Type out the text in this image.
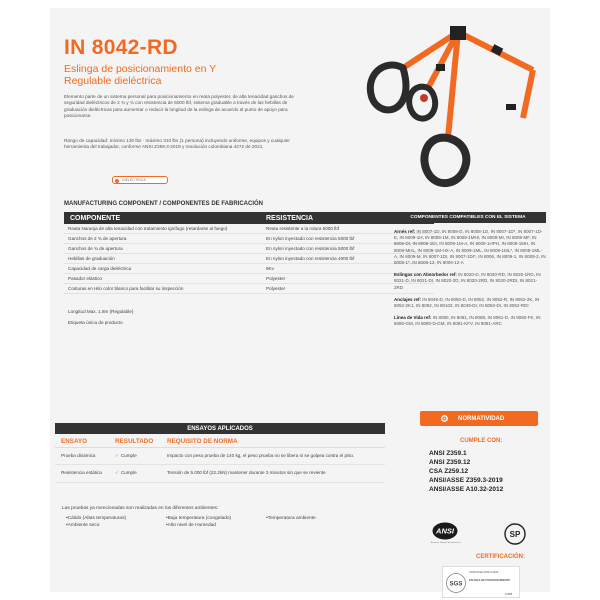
IN 8042-RD
Eslinga de posicionamiento en Y
Regulable dieléctrica

Elemento parte de un sistema personal para posicionamiento en reata polyester, de alta tenacidad ganchos de seguridad dieléctricos de 2 ¾ y ¾ con resistencia de 5000 lbf, sistema graduable a través de las hebillas de graduación dieléctricas para aumentar o reducir la longitud de la eslinga de acuerdo al punto de apoyo para posicionarse.

Rango de capacidad: mínimo 130 lbs · máximo 310 lbs (1 persona) incluyendo uniforme, equipos y cualquier herramienta del trabajador, conforme ANSI Z359.3-2019 y resolución colombiana 4272 de 2021.

DIELÉCTRICA
MANUFACTURING COMPONENT / COMPONENTES DE FABRICACIÓN
COMPONENTE	RESISTENCIA
Reata Naranja de alta tenacidad con tratamiento ignífugo (retardante al fuego)	Reata resistente a la rotura 5000 lbf
Ganchos de 2 ¾ de apertura	En nylon inyectado con resistencia 5000 lbf
Ganchos de ¾ de apertura	En nylon inyectado con resistencia 5000 lbf
Hebillas de graduación	En nylon inyectado con resistencia 4000 lbf
Capacidad de carga dieléctrica	9Kv
Pasador elástico	Polyester
Costuras en Hilo color blanco para facilitar su inspección	Polyester
Longitud Max. 1.8m (Regulable)
Etiqueta única de producto
COMPONENTES COMPATIBLES CON EL SISTEMA

Arnés ref: IN 8007-1D, IN 8008-D, IN 8008-1D, IN 8007-1D*, IN 8007-1D-E, IN 8009-1H, IN 8009-1M, IN 8009-1MHI, IN 8009-MI, IN 8009-MF, IN 8006-DI, IN 8006-1DI, IN 8009-1M-A, IN 8009-1HPH, IN 8009-1MH, IN 8009-MHL, IN 8009-1M-HX-A, IN 8009-1ML, IN 8009-1ML*, IN 8009-1ML-A, IN 8009-M, IN 8007-1DI, IN 8007-1DI*, IN 8006, IN 8009-1, IN 8009-2, IN 8009-1*, IN 8009-12, IN 8009-12-A

Eslingas con Absorbedor ref: IN 8020-D, IN 8020-RD, IN 8020-1RD, IN 8021-D, IN 8021-DI, IN 8020-2D, IN 8020-2RD, IN 8020-2RDI, IN 8021-2RD

Anclajes ref: IN 8049-D, IN 8050-D, IN 8052, IN 8052-R, IN 8052-2K, IN 8052-2K1, IN 8092, IN 80102, IN 8049-DI, IN 8050-DI, IN 8052-RDI

Línea de Vida ref: IN 8080, IN 8081, IN 8089, IN 8081-D, IN 8080-FK, IN 8080-GM, IN 8080-D-GM, IN 8081-KFV, IN 8081-ARC

ENSAYOS APLICADOS
ENSAYO	RESULTADO	REQUISITO DE NORMA
Prueba dinámica	✓ Cumple	Impacto con peso prueba de 140 kg, el peso prueba no se libera ni se golpea contra el piso.
Resistencia estática	✓ Cumple	Tensión de 5.000 lbf (22.2kN) mantener durante 3 minutos sin que se reviente
Las pruebas ya mencionadas son realizadas en los diferentes ambientes:
•Cálido (Altas temperaturas)	•Baja temperatura (congelado)	•Temperatura ambiente
•Ambiente seco	•Alto nivel de Humedad
NORMATIVIDAD
CUMPLE CON:
ANSI Z359.1
ANSI Z359.12
CSA Z259.12
ANSI/ASSE Z359.3-2019
ANSI/ASSE A10.32-2012
ANSI
American National Standards Inst.
SP
CERTIFICACIÓN:
SGS
ANSI/ASSE Z359.3-2019
ESLINGA DE POSICIONAMIENTO
10085
